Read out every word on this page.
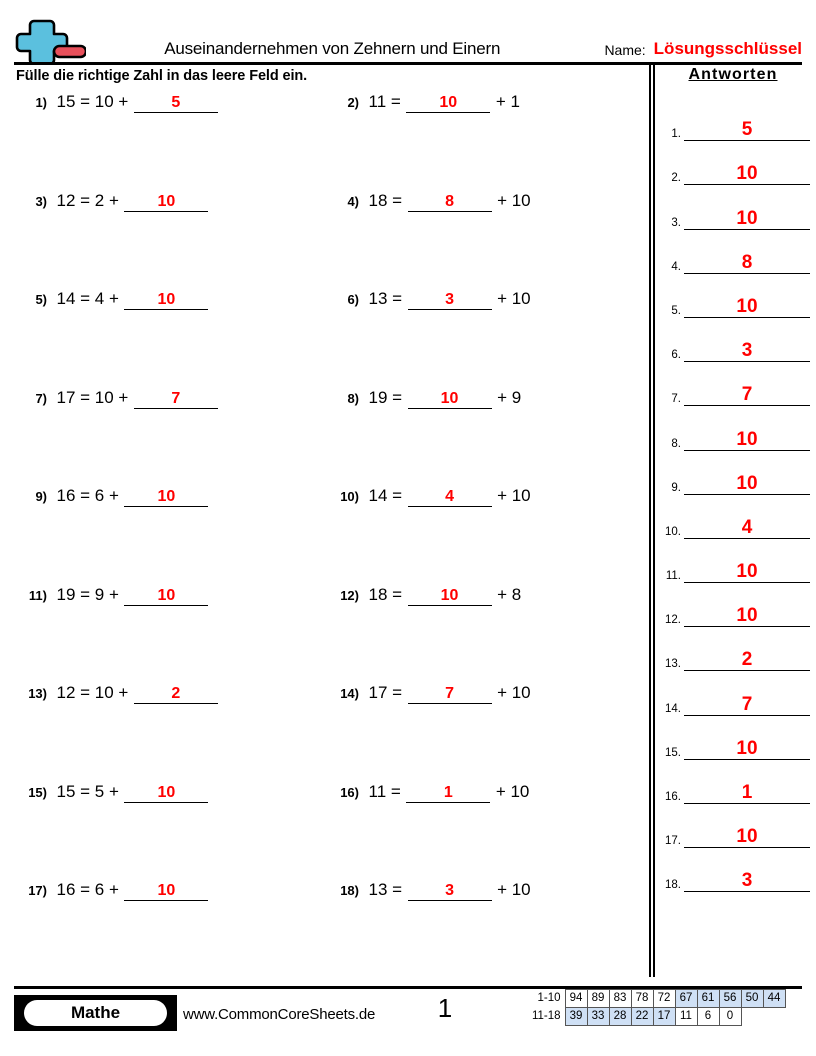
Auseinandernehmen von Zehnern und Einern	Name: Lösungsschlüssel
Fülle die richtige Zahl in das leere Feld ein.
1) 15 = 10 +	5	2) 11 =	10	+ 1
3) 12 = 2 +	10	4) 18 =	8	+ 10
5) 14 = 4 +	10	6) 13 =	3	+ 10
7) 17 = 10 +	7	8) 19 =	10	+ 9
9) 16 = 6 +	10	10) 14 =	4	+ 10
11) 19 = 9 +	10	12) 18 =	10	+ 8
13) 12 = 10 +	2	14) 17 =	7	+ 10
15) 15 = 5 +	10	16) 11 =	1	+ 10
17) 16 = 6 +	10	18) 13 =	3	+ 10
Antworten
1.	5
2.	10
3.	10
4.	8
5.	10
6.	3
7.	7
8.	10
9.	10
10.	4
11.	10
12.	10
13.	2
14.	7
15.	10
16.	1
17.	10
18.	3
Mathe	www.CommonCoreSheets.de	1	1-10	94	89	83	78	72	67	61	56	50	44
11-18	39	33	28	22	17	11	6	0		
